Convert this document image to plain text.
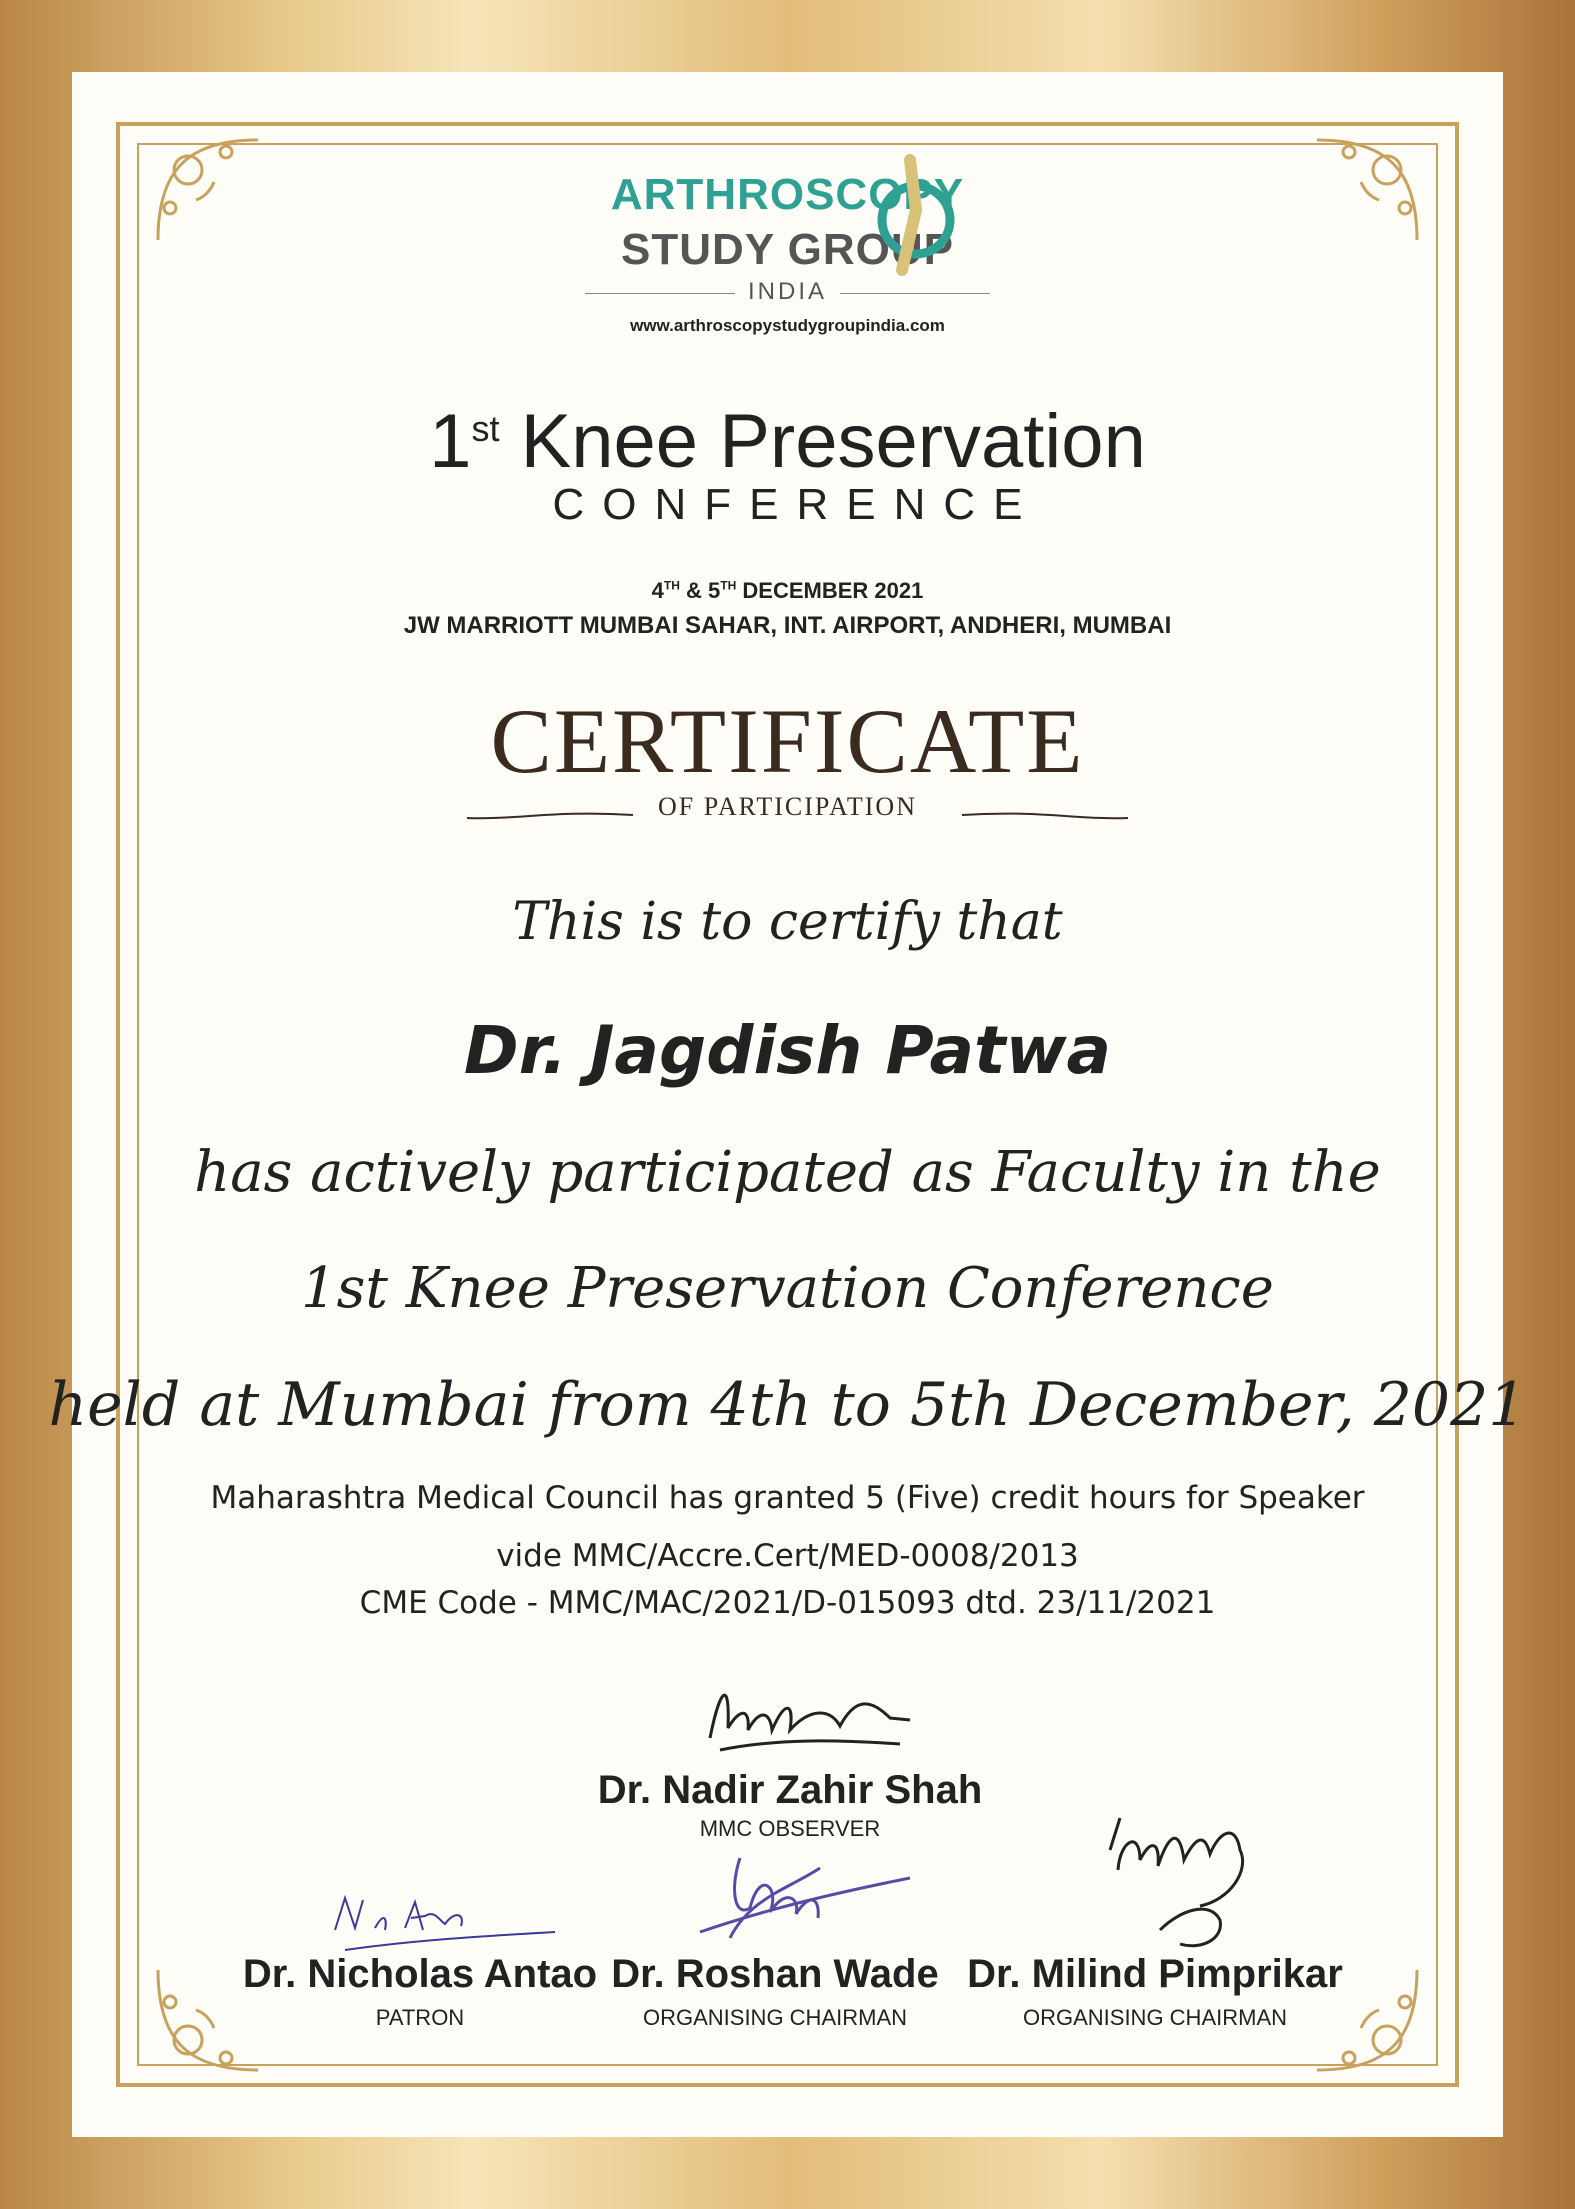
ARTHROSCOPY
STUDY GROUP
INDIA
www.arthroscopystudygroupindia.com
1st Knee Preservation
CONFERENCE
4TH & 5TH DECEMBER 2021
JW MARRIOTT MUMBAI SAHAR, INT. AIRPORT, ANDHERI, MUMBAI
CERTIFICATE
OF PARTICIPATION
This is to certify that
Dr. Jagdish Patwa
has actively participated as Faculty in the
1st Knee Preservation Conference
held at Mumbai from 4th to 5th December, 2021
Maharashtra Medical Council has granted 5 (Five) credit hours for Speaker
vide MMC/Accre.Cert/MED-0008/2013
CME Code - MMC/MAC/2021/D-015093 dtd. 23/11/2021
Dr. Nadir Zahir Shah
MMC OBSERVER
Dr. Nicholas Antao
PATRON
Dr. Roshan Wade
ORGANISING CHAIRMAN
Dr. Milind Pimprikar
ORGANISING CHAIRMAN
